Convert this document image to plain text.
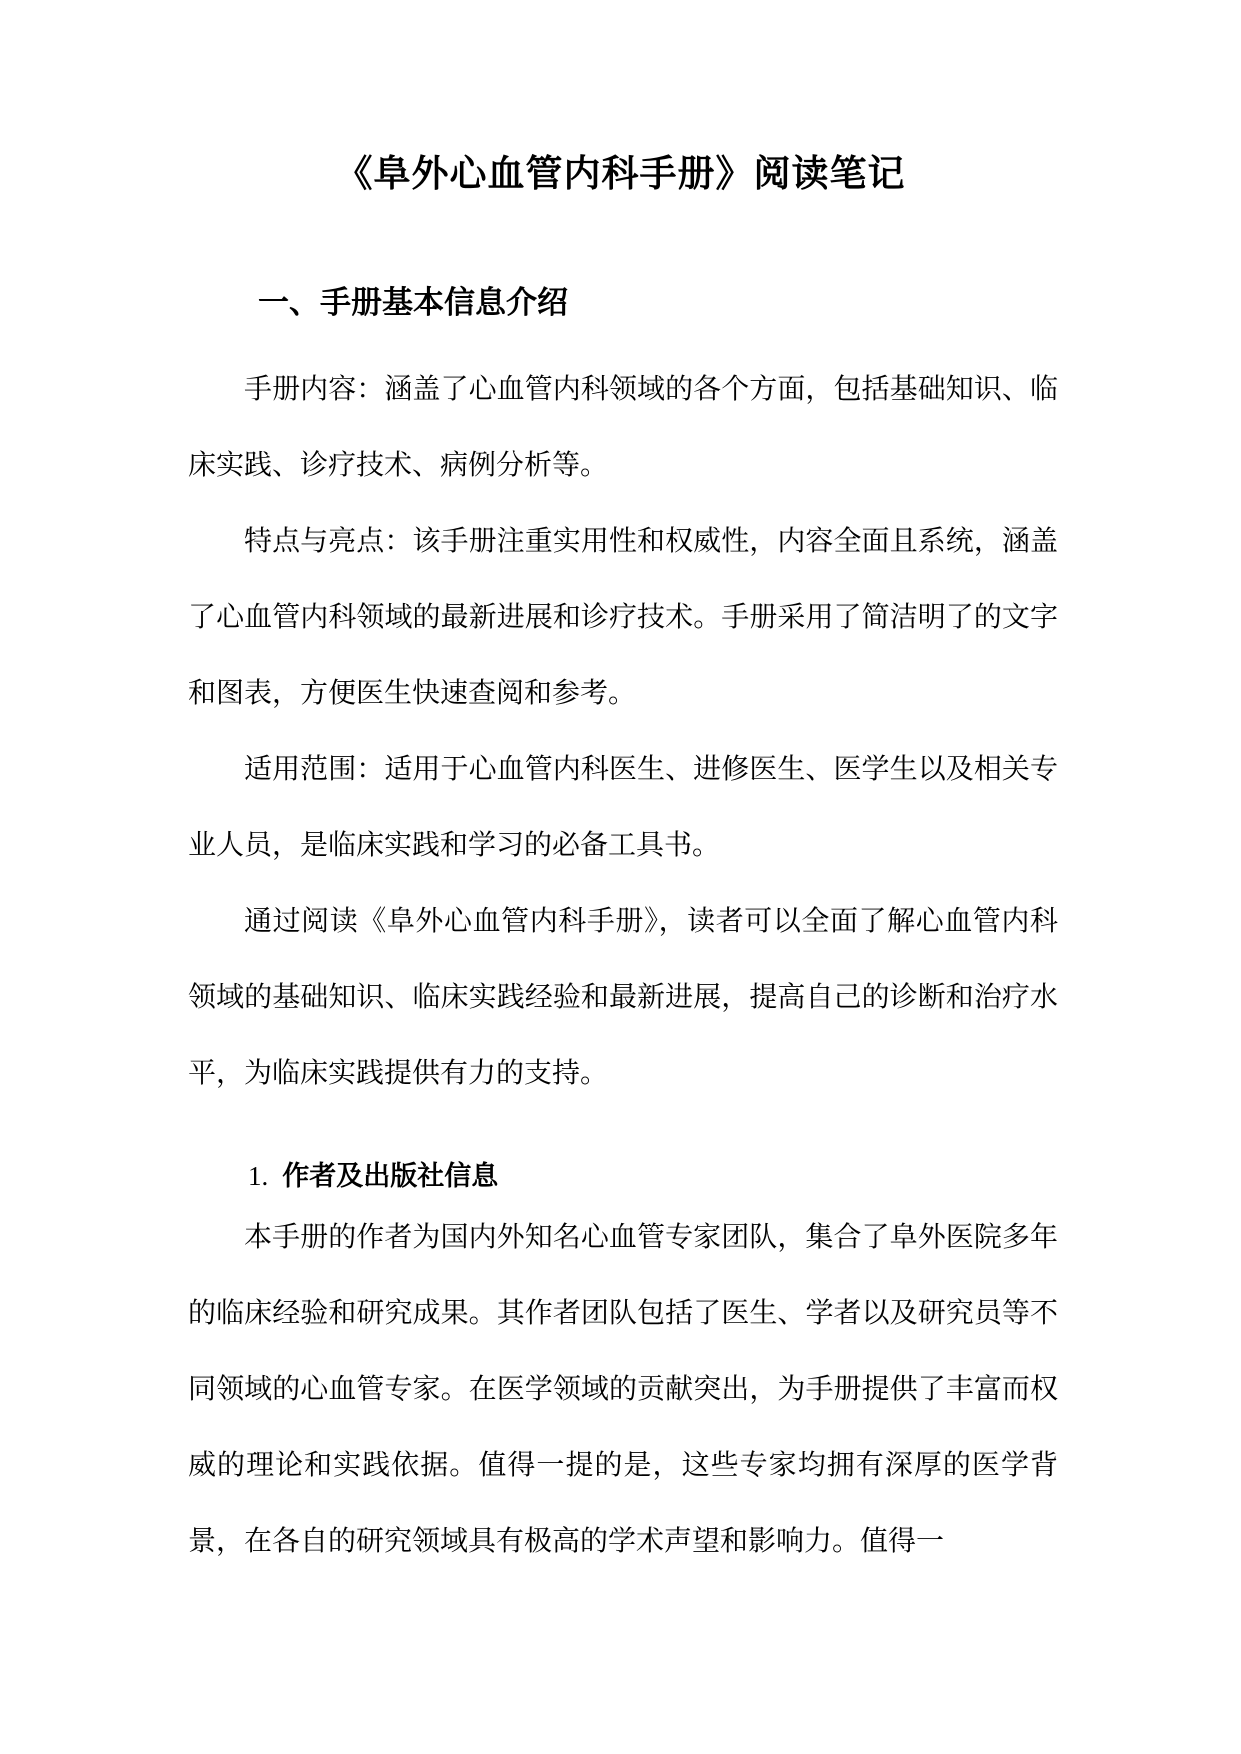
《阜外心血管内科手册》阅读笔记
一、手册基本信息介绍

手册内容：涵盖了心血管内科领域的各个方面，包括基础知识、临床实践、诊疗技术、病例分析等。

特点与亮点：该手册注重实用性和权威性，内容全面且系统，涵盖了心血管内科领域的最新进展和诊疗技术。手册采用了简洁明了的文字和图表，方便医生快速查阅和参考。

适用范围：适用于心血管内科医生、进修医生、医学生以及相关专业人员，是临床实践和学习的必备工具书。

通过阅读《阜外心血管内科手册》，读者可以全面了解心血管内科领域的基础知识、临床实践经验和最新进展，提高自己的诊断和治疗水平，为临床实践提供有力的支持。

1. 作者及出版社信息

本手册的作者为国内外知名心血管专家团队，集合了阜外医院多年的临床经验和研究成果。其作者团队包括了医生、学者以及研究员等不同领域的心血管专家。在医学领域的贡献突出，为手册提供了丰富而权威的理论和实践依据。值得一提的是，这些专家均拥有深厚的医学背景，在各自的研究领域具有极高的学术声望和影响力。值得一
